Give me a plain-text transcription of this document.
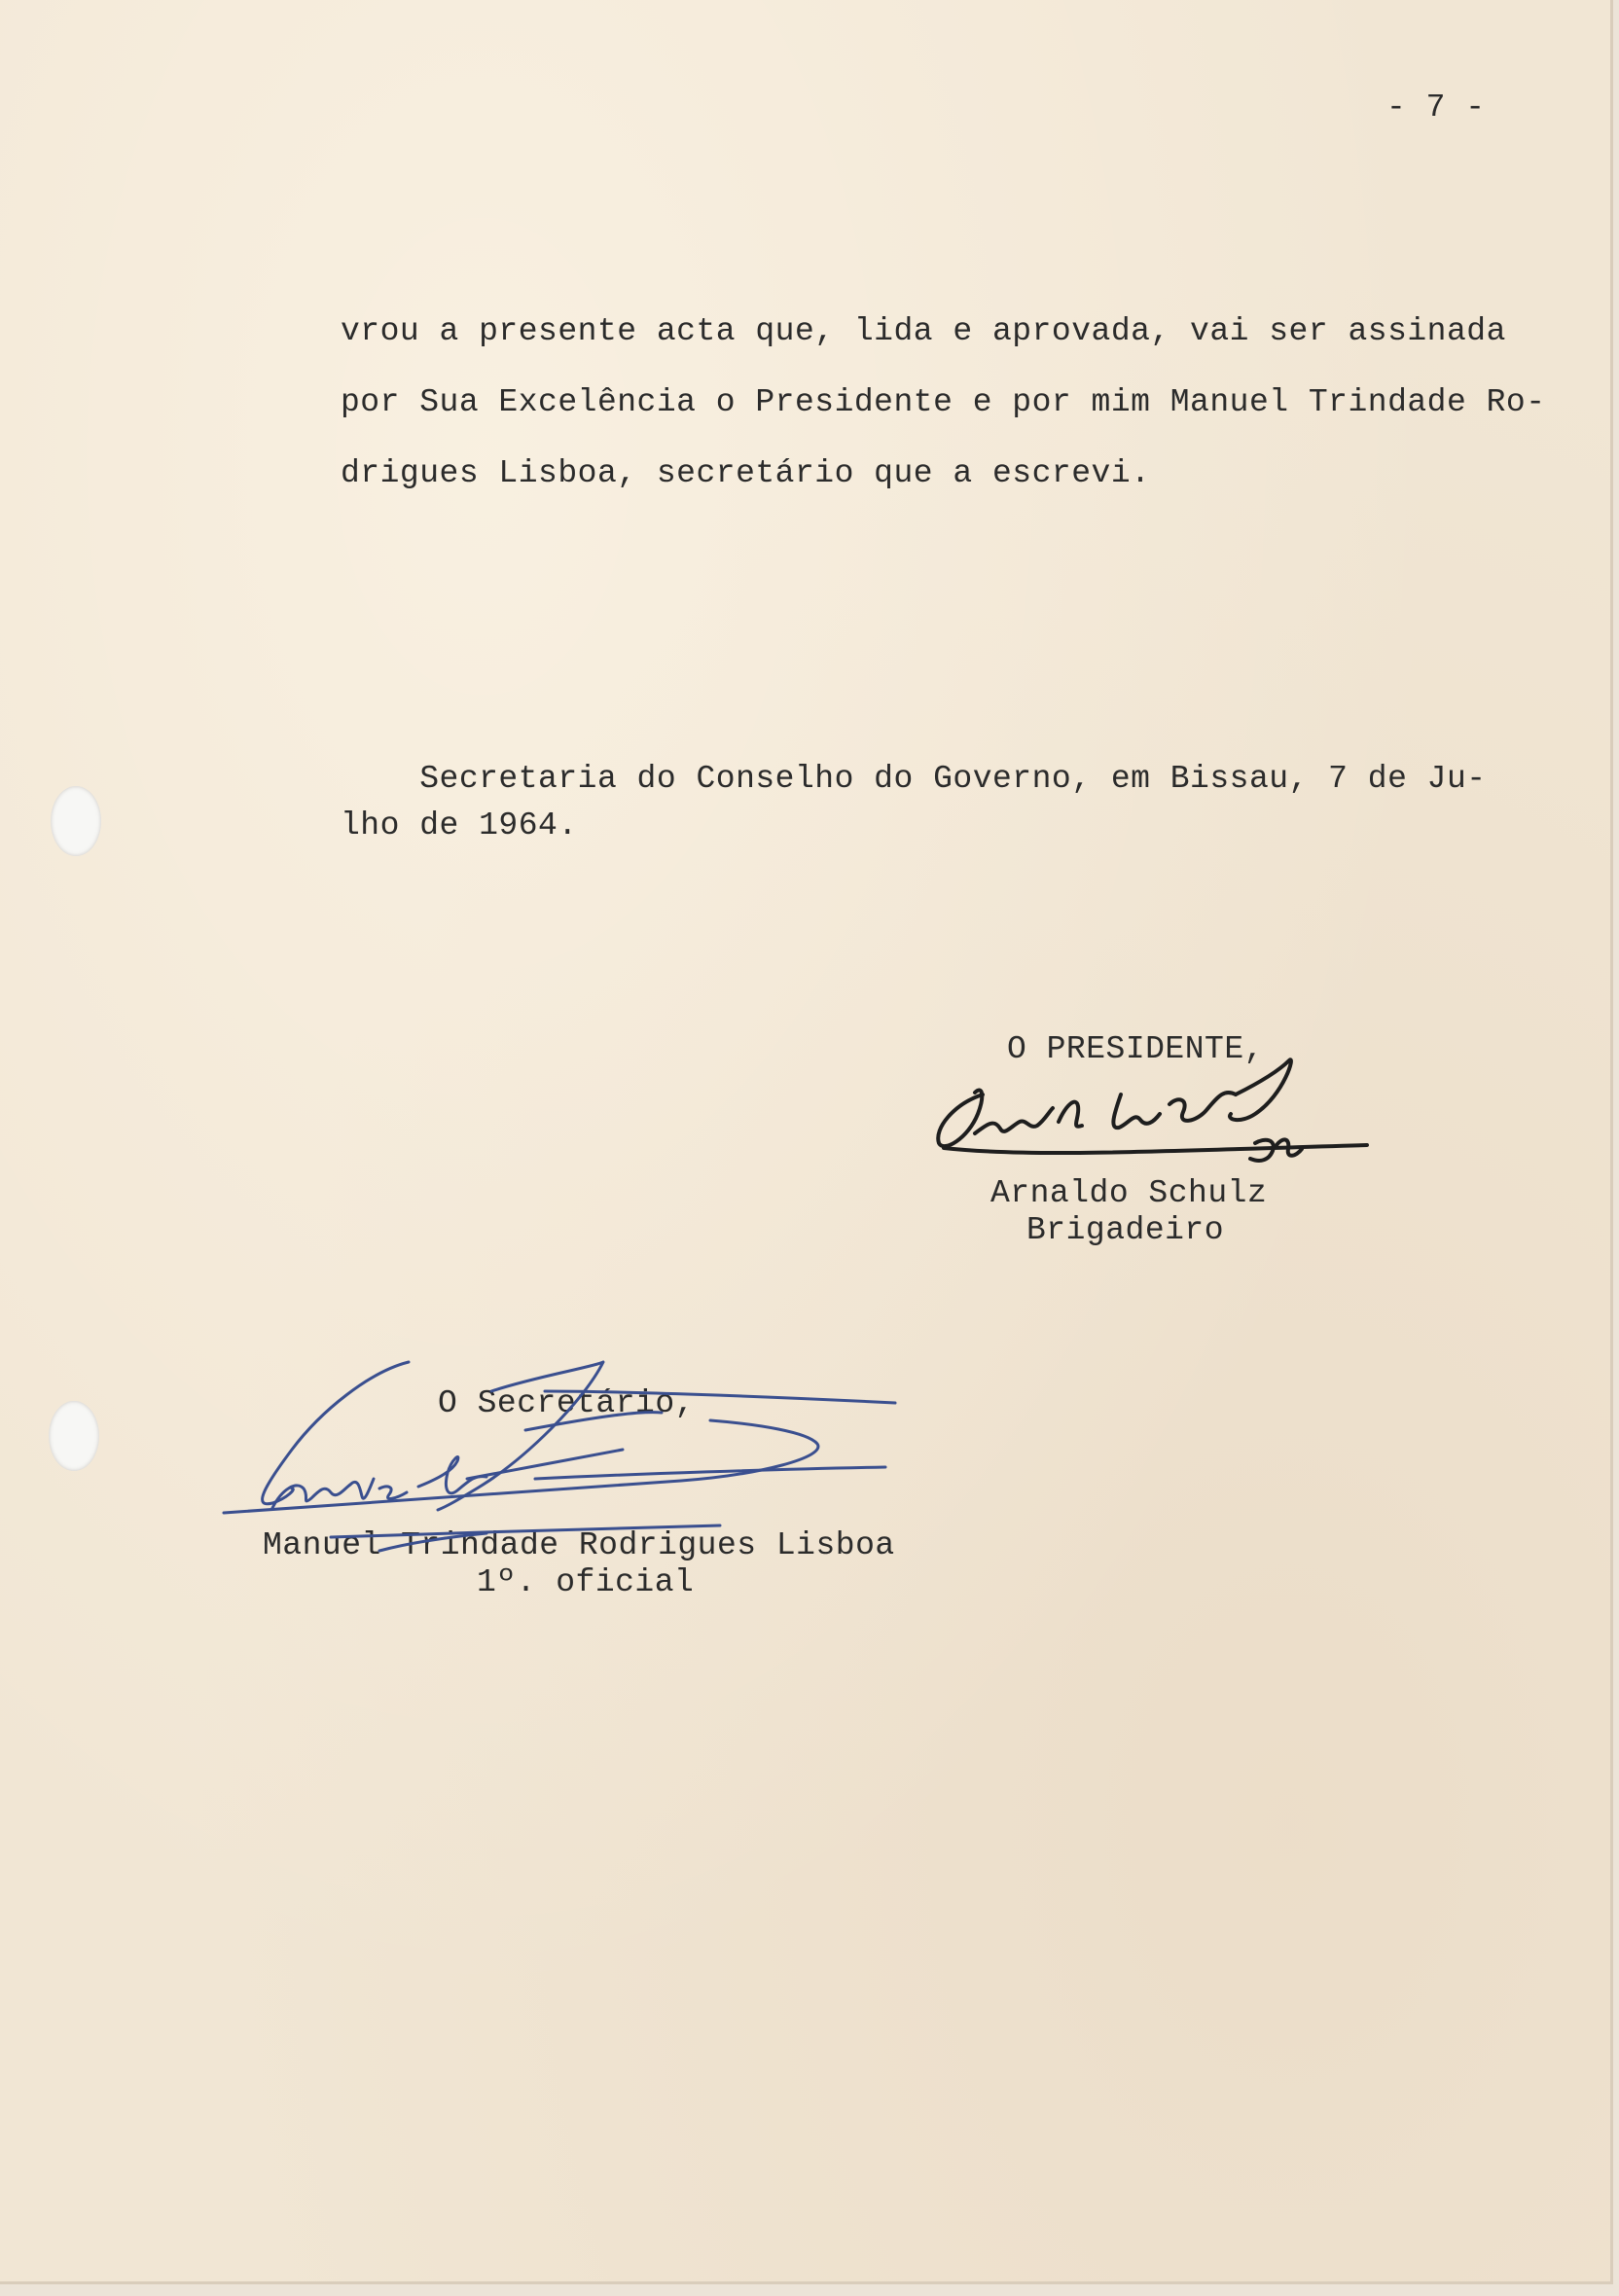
- 7 -
vrou a presente acta que, lida e aprovada, vai ser assinada
por Sua Excelência o Presidente e por mim Manuel Trindade Ro-
drigues Lisboa, secretário que a escrevi.
Secretaria do Conselho do Governo, em Bissau, 7 de Ju-
lho de 1964.
O PRESIDENTE,
Arnaldo Schulz
Brigadeiro
O Secretário,
Manuel Trindade Rodrigues Lisboa
1º. oficial
